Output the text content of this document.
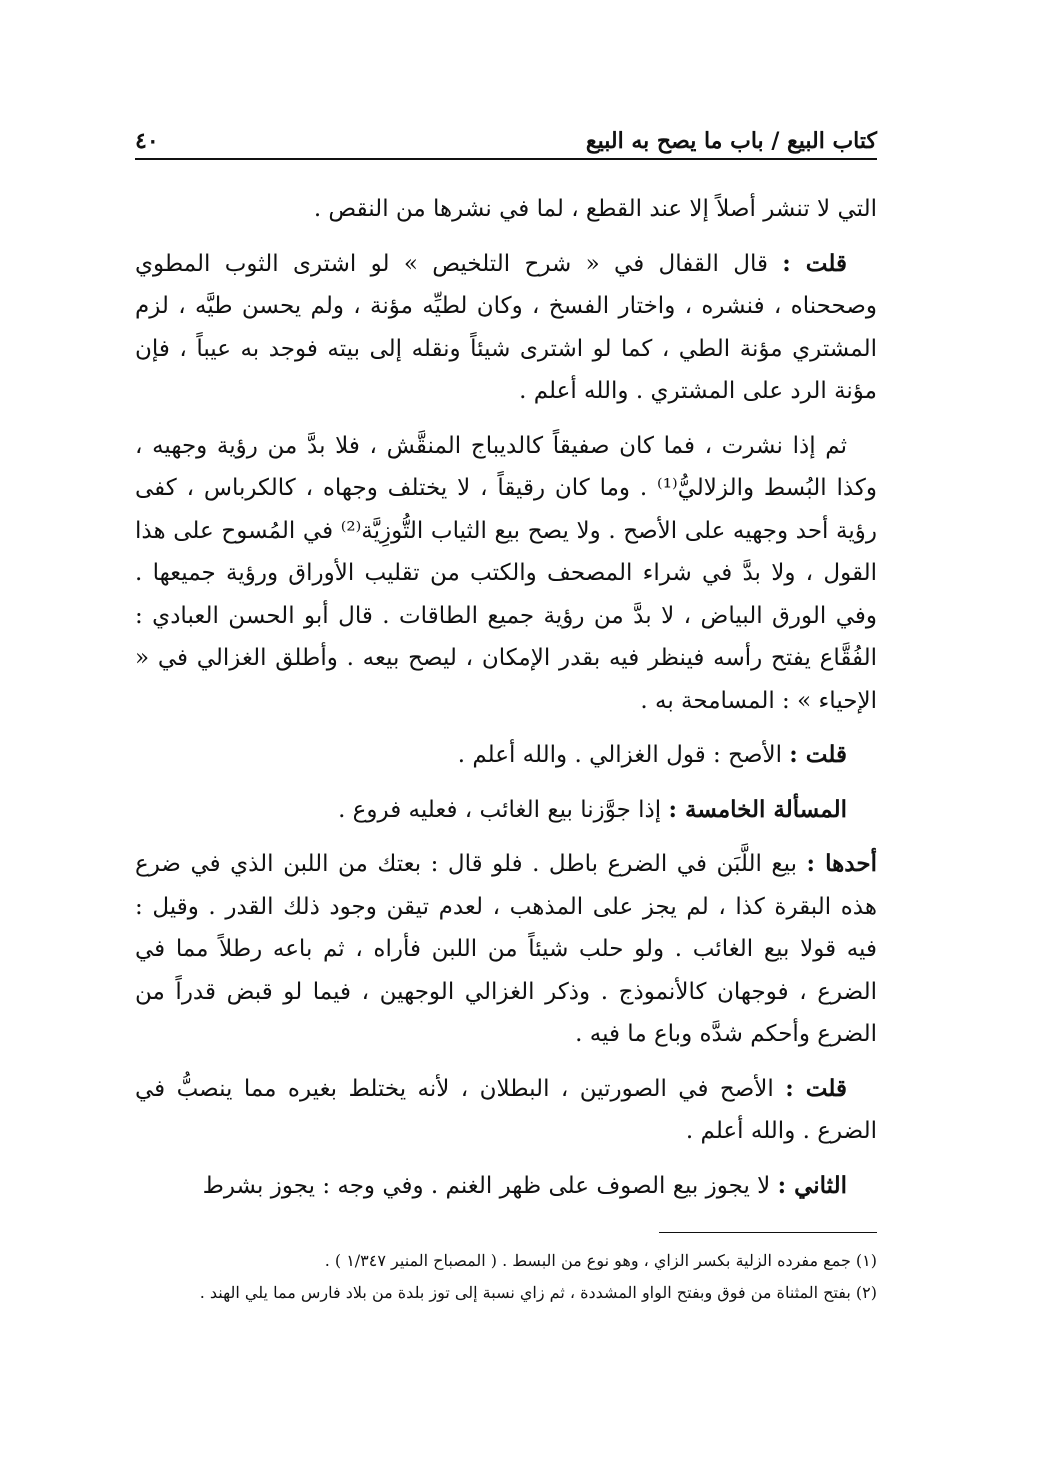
كتاب البيع / باب ما يصح به البيع
٤٠

التي لا تنشر أصلاً إلا عند القطع ، لما في نشرها من النقص .

قلت : قال القفال في « شرح التلخيص » لو اشترى الثوب المطوي وصححناه ، فنشره ، واختار الفسخ ، وكان لطيِّه مؤنة ، ولم يحسن طيَّه ، لزم المشتري مؤنة الطي ، كما لو اشترى شيئاً ونقله إلى بيته فوجد به عيباً ، فإن مؤنة الرد على المشتري . والله أعلم .

ثم إذا نشرت ، فما كان صفيقاً كالديباج المنقَّش ، فلا بدَّ من رؤية وجهيه ، وكذا البُسط والزلاليُّ⁽¹⁾ . وما كان رقيقاً ، لا يختلف وجهاه ، كالكرباس ، كفى رؤية أحد وجهيه على الأصح . ولا يصح بيع الثياب التُّوزِيَّة⁽²⁾ في المُسوح على هذا القول ، ولا بدَّ في شراء المصحف والكتب من تقليب الأوراق ورؤية جميعها . وفي الورق البياض ، لا بدَّ من رؤية جميع الطاقات . قال أبو الحسن العبادي : الفُقَّاع يفتح رأسه فينظر فيه بقدر الإمكان ، ليصح بيعه . وأطلق الغزالي في « الإحياء » : المسامحة به .

قلت : الأصح : قول الغزالي . والله أعلم .

المسألة الخامسة : إذا جوَّزنا بيع الغائب ، فعليه فروع .

أحدها : بيع اللَّبَن في الضرع باطل . فلو قال : بعتك من اللبن الذي في ضرع هذه البقرة كذا ، لم يجز على المذهب ، لعدم تيقن وجود ذلك القدر . وقيل : فيه قولا بيع الغائب . ولو حلب شيئاً من اللبن فأراه ، ثم باعه رطلاً مما في الضرع ، فوجهان كالأنموذج . وذكر الغزالي الوجهين ، فيما لو قبض قدراً من الضرع وأحكم شدَّه وباع ما فيه .

قلت : الأصح في الصورتين ، البطلان ، لأنه يختلط بغيره مما ينصبُّ في الضرع . والله أعلم .

الثاني : لا يجوز بيع الصوف على ظهر الغنم . وفي وجه : يجوز بشرط

(١) جمع مفرده الزلية بكسر الزاي ، وهو نوع من البسط . ( المصباح المنير ١/٣٤٧ ) .

(٢) بفتح المثناة من فوق وبفتح الواو المشددة ، ثم زاي نسبة إلى توز بلدة من بلاد فارس مما يلي الهند .
